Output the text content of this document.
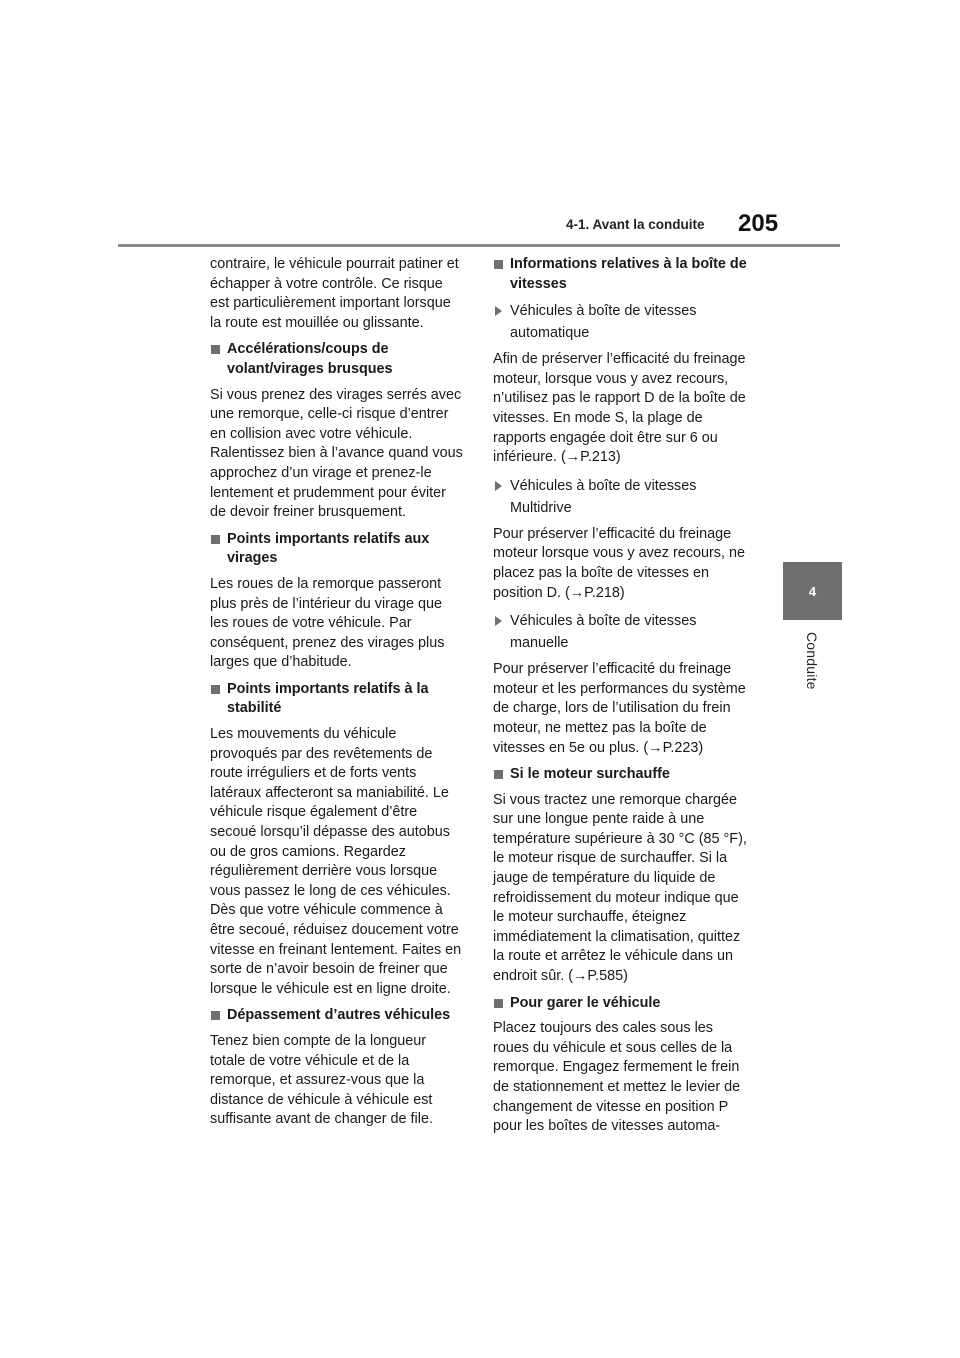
4-1. Avant la conduite 205
4
Conduite

contraire, le véhicule pourrait patiner et échapper à votre contrôle. Ce risque est particulièrement important lorsque la route est mouillée ou glissante.

Accélérations/coups de volant/virages brusques

Si vous prenez des virages serrés avec une remorque, celle-ci risque d’entrer en collision avec votre véhicule. Ralentissez bien à l’avance quand vous approchez d’un virage et prenez-le lentement et prudemment pour éviter de devoir freiner brusquement.

Points importants relatifs aux virages

Les roues de la remorque passeront plus près de l’intérieur du virage que les roues de votre véhicule. Par conséquent, prenez des virages plus larges que d’habitude.

Points importants relatifs à la stabilité

Les mouvements du véhicule provoqués par des revêtements de route irréguliers et de forts vents latéraux affecteront sa maniabilité. Le véhicule risque également d’être secoué lorsqu’il dépasse des autobus ou de gros camions. Regardez régulièrement derrière vous lorsque vous passez le long de ces véhicules. Dès que votre véhicule commence à être secoué, réduisez doucement votre vitesse en freinant lentement. Faites en sorte de n’avoir besoin de freiner que lorsque le véhicule est en ligne droite.

Dépassement d’autres véhicules

Tenez bien compte de la longueur totale de votre véhicule et de la remorque, et assurez-vous que la distance de véhicule à véhicule est suffisante avant de changer de file.

Informations relatives à la boîte de vitesses
Véhicules à boîte de vitesses automatique

Afin de préserver l’efficacité du freinage moteur, lorsque vous y avez recours, n’utilisez pas le rapport D de la boîte de vitesses. En mode S, la plage de rapports engagée doit être sur 6 ou inférieure. (→P.213)

Véhicules à boîte de vitesses Multidrive

Pour préserver l’efficacité du freinage moteur lorsque vous y avez recours, ne placez pas la boîte de vitesses en position D. (→P.218)

Véhicules à boîte de vitesses manuelle

Pour préserver l’efficacité du freinage moteur et les performances du système de charge, lors de l’utilisation du frein moteur, ne mettez pas la boîte de vitesses en 5e ou plus. (→P.223)

Si le moteur surchauffe

Si vous tractez une remorque chargée sur une longue pente raide à une température supérieure à 30 °C (85 °F), le moteur risque de surchauffer. Si la jauge de température du liquide de refroidissement du moteur indique que le moteur surchauffe, éteignez immédiatement la climatisation, quittez la route et arrêtez le véhicule dans un endroit sûr. (→P.585)

Pour garer le véhicule

Placez toujours des cales sous les roues du véhicule et sous celles de la remorque. Engagez fermement le frein de stationnement et mettez le levier de changement de vitesse en position P pour les boîtes de vitesses automa-
